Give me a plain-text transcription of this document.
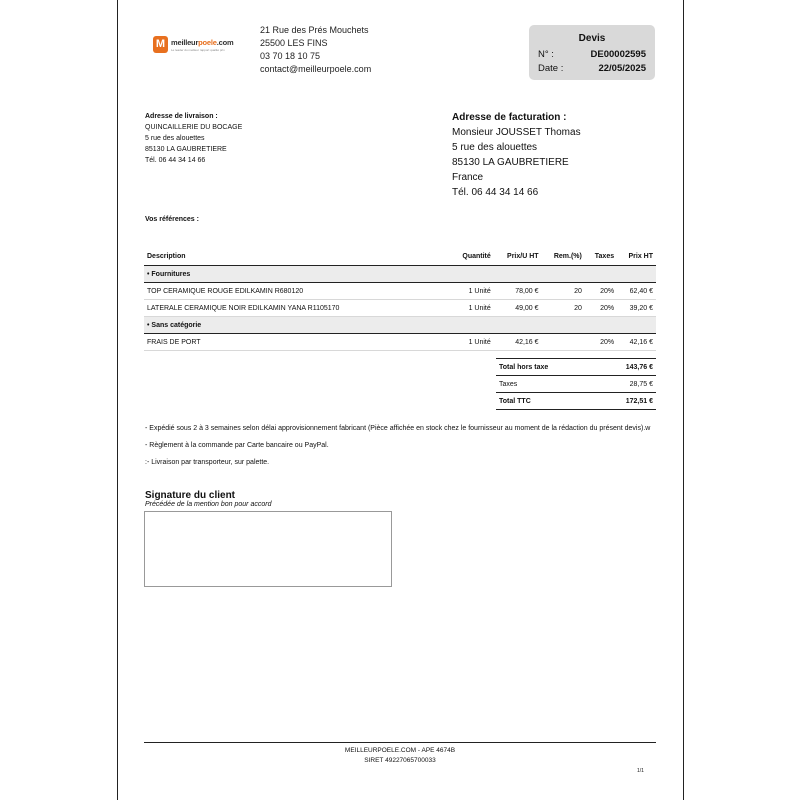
M meilleurpoele.com
Le leader du meilleur rapport qualité prix
21 Rue des Prés Mouchets
25500 LES FINS
03 70 18 10 75
contact@meilleurpoele.com
Devis
N° :	DE00002595
Date :	22/05/2025
Adresse de livraison :
QUINCAILLERIE DU BOCAGE
5 rue des alouettes
85130 LA GAUBRETIERE
Tél. 06 44 34 14 66
Adresse de facturation :
Monsieur JOUSSET Thomas
5 rue des alouettes
85130 LA GAUBRETIERE
France
Tél. 06 44 34 14 66
Vos références :
Description	Quantité	Prix/U HT	Rem.(%)	Taxes	Prix HT
• Fournitures					
TOP CERAMIQUE ROUGE EDILKAMIN R680120	1 Unité	78,00 €	20	20%	62,40 €
LATERALE CERAMIQUE NOIR EDILKAMIN YANA R1105170	1 Unité	49,00 €	20	20%	39,20 €
• Sans catégorie					
FRAIS DE PORT	1 Unité	42,16 €		20%	42,16 €
Total hors taxe	143,76 €
Taxes	28,75 €
Total TTC	172,51 €

- Expédié sous 2 à 3 semaines selon délai approvisionnement fabricant (Pièce affichée en stock chez le fournisseur au moment de la rédaction du présent devis).w

- Règlement à la commande par Carte bancaire ou PayPal.

:- Livraison par transporteur, sur palette.

Signature du client
Précédée de la mention bon pour accord
MEILLEURPOELE.COM - APE 4674B
SIRET 49227065700033
1/1
